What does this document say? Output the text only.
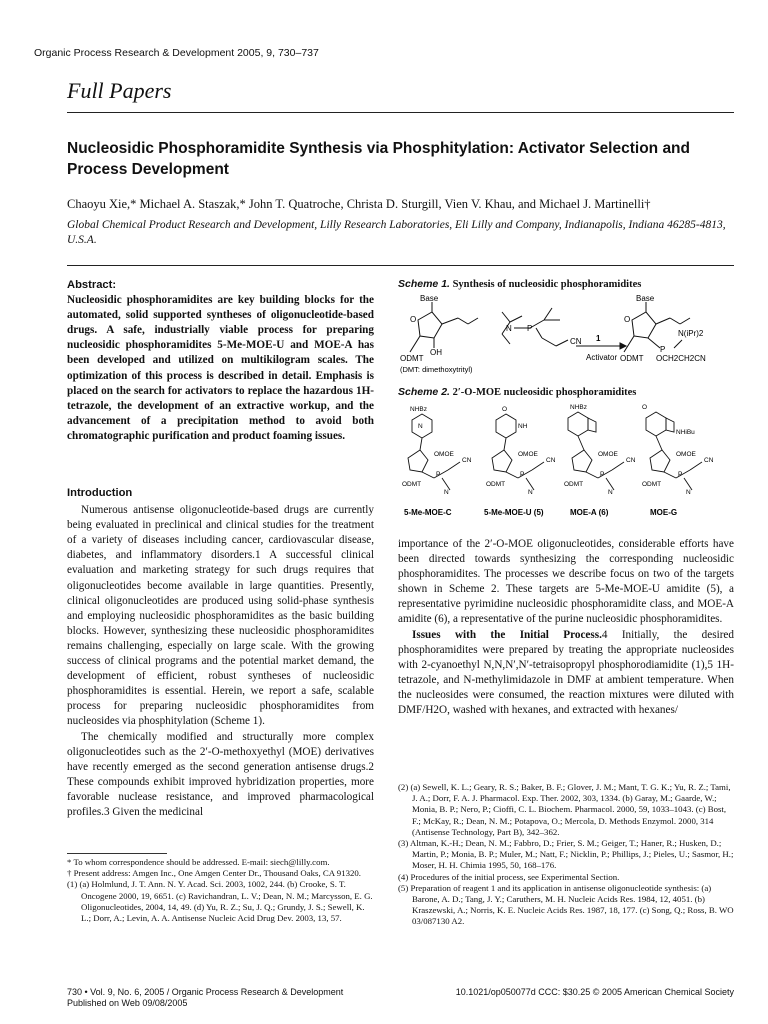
Organic Process Research & Development 2005, 9, 730–737
Full Papers
Nucleosidic Phosphoramidite Synthesis via Phosphitylation: Activator Selection and Process Development
Chaoyu Xie,* Michael A. Staszak,* John T. Quatroche, Christa D. Sturgill, Vien V. Khau, and Michael J. Martinelli†
Global Chemical Product Research and Development, Lilly Research Laboratories, Eli Lilly and Company, Indianapolis, Indiana 46285-4813, U.S.A.
Abstract:
Nucleosidic phosphoramidites are key building blocks for the automated, solid supported syntheses of oligonucleotide-based drugs. A safe, industrially viable process for preparing nucleosidic phosphoramidites 5-Me-MOE-U and MOE-A has been developed and utilized on multikilogram scales. The optimization of this process is described in detail. Emphasis is placed on the search for activators to replace the hazardous 1H-tetrazole, the development of an extractive workup, and the advancement of a precipitation method to avoid both chromatographic purification and product foaming issues.
Introduction

Numerous antisense oligonucleotide-based drugs are currently being evaluated in preclinical and clinical studies for the treatment of a variety of diseases including cancer, cardiovascular disease, diabetes, and inflammatory disorders.1 A successful clinical evaluation and marketing strategy for such drugs requires that oligonucleotides become available in large quantities. Presently, clinical oligonucleotides are produced using solid-phase synthesis and employing nucleosidic phosphoramidites as the basic building blocks. However, synthesizing these nucleosidic phosphoramidites remains challenging, especially on large scale. With the growing success of clinical programs and the potential market demand, the development of efficient, robust syntheses of nucleosidic phosphoramidites is essential. Herein, we report a safe, scalable process for preparing nucleosidic phosphoramidites from nucleosides via phosphitylation (Scheme 1).

The chemically modified and structurally more complex oligonucleotides such as the 2′-O-methoxyethyl (MOE) derivatives have recently emerged as the second generation antisense drugs.2 These compounds exhibit improved hybridization properties, more favorable nuclease resistance, and improved pharmacological profiles.3 Given the medicinal

* To whom correspondence should be addressed. E-mail: siech@lilly.com.
† Present address: Amgen Inc., One Amgen Center Dr., Thousand Oaks, CA 91320.
(1) (a) Holmlund, J. T. Ann. N. Y. Acad. Sci. 2003, 1002, 244. (b) Crooke, S. T. Oncogene 2000, 19, 6651. (c) Ravichandran, L. V.; Dean, N. M.; Marcysson, E. G. Oligonucleotides, 2004, 14, 49. (d) Yu, R. Z.; Su, J. Q.; Grundy, J. S.; Sewell, K. L.; Dorr, A.; Levin, A. A. Antisense Nucleic Acid Drug Dev. 2003, 13, 57.
Scheme 1. Synthesis of nucleosidic phosphoramidites
Base
O
OH
ODMT
(DMT: dimethoxytrityl)
N P
CN 1
Activator
Base
O
N(iPr)2
P
ODMT OCH2CH2CN
Scheme 2. 2′-O-MOE nucleosidic phosphoramidites
NHBz
N
OMOE
CN
P
ODMT
N
5-Me-MOE-C
O
NH
OMOE
CN
P
ODMT
N
5-Me-MOE-U (5)
NHBz
OMOE
CN
P
ODMT
N
MOE-A (6)
O
NHiBu
OMOE
CN
P
ODMT
N
MOE-G

importance of the 2′-O-MOE oligonucleotides, considerable efforts have been directed towards synthesizing the corresponding nucleosidic phosphoramidites. The processes we describe focus on two of the targets shown in Scheme 2. These targets are 5-Me-MOE-U amidite (5), a representative pyrimidine nucleosidic phosphoramidite class, and MOE-A amidite (6), a representative of the purine nucleosidic phosphoramidites.

Issues with the Initial Process.4 Initially, the desired phosphoramidites were prepared by treating the appropriate nucleosides with 2-cyanoethyl N,N,N′,N′-tetraisopropyl phosphorodiamidite (1),5 1H-tetrazole, and N-methylimidazole in DMF at ambient temperature. When the nucleosides were consumed, the reaction mixtures were diluted with DMF/H2O, washed with hexanes, and extracted with hexanes/

(2) (a) Sewell, K. L.; Geary, R. S.; Baker, B. F.; Glover, J. M.; Mant, T. G. K.; Yu, R. Z.; Tami, J. A.; Dorr, F. A. J. Pharmacol. Exp. Ther. 2002, 303, 1334. (b) Garay, M.; Gaarde, W.; Monia, B. P.; Nero, P.; Cioffi, C. L. Biochem. Pharmacol. 2000, 59, 1033–1043. (c) Bost, F.; McKay, R.; Dean, N. M.; Potapova, O.; Mercola, D. Methods Enzymol. 2000, 314 (Antisense Technology, Part B), 342–362.
(3) Altman, K.-H.; Dean, N. M.; Fabbro, D.; Frier, S. M.; Geiger, T.; Haner, R.; Husken, D.; Martin, P.; Monia, B. P.; Muler, M.; Natt, F.; Nicklin, P.; Phillips, J.; Pieles, U.; Sasmor, H.; Moser, H. H. Chimia 1995, 50, 168–176.
(4) Procedures of the initial process, see Experimental Section.
(5) Preparation of reagent 1 and its application in antisense oligonucleotide synthesis: (a) Barone, A. D.; Tang, J. Y.; Caruthers, M. H. Nucleic Acids Res. 1984, 12, 4051. (b) Kraszewski, A.; Norris, K. E. Nucleic Acids Res. 1987, 18, 177. (c) Song, Q.; Ross, B. WO 03/087130 A2.
730 • Vol. 9, No. 6, 2005 / Organic Process Research & Development
Published on Web 09/08/2005
10.1021/op050077d CCC: $30.25 © 2005 American Chemical Society
